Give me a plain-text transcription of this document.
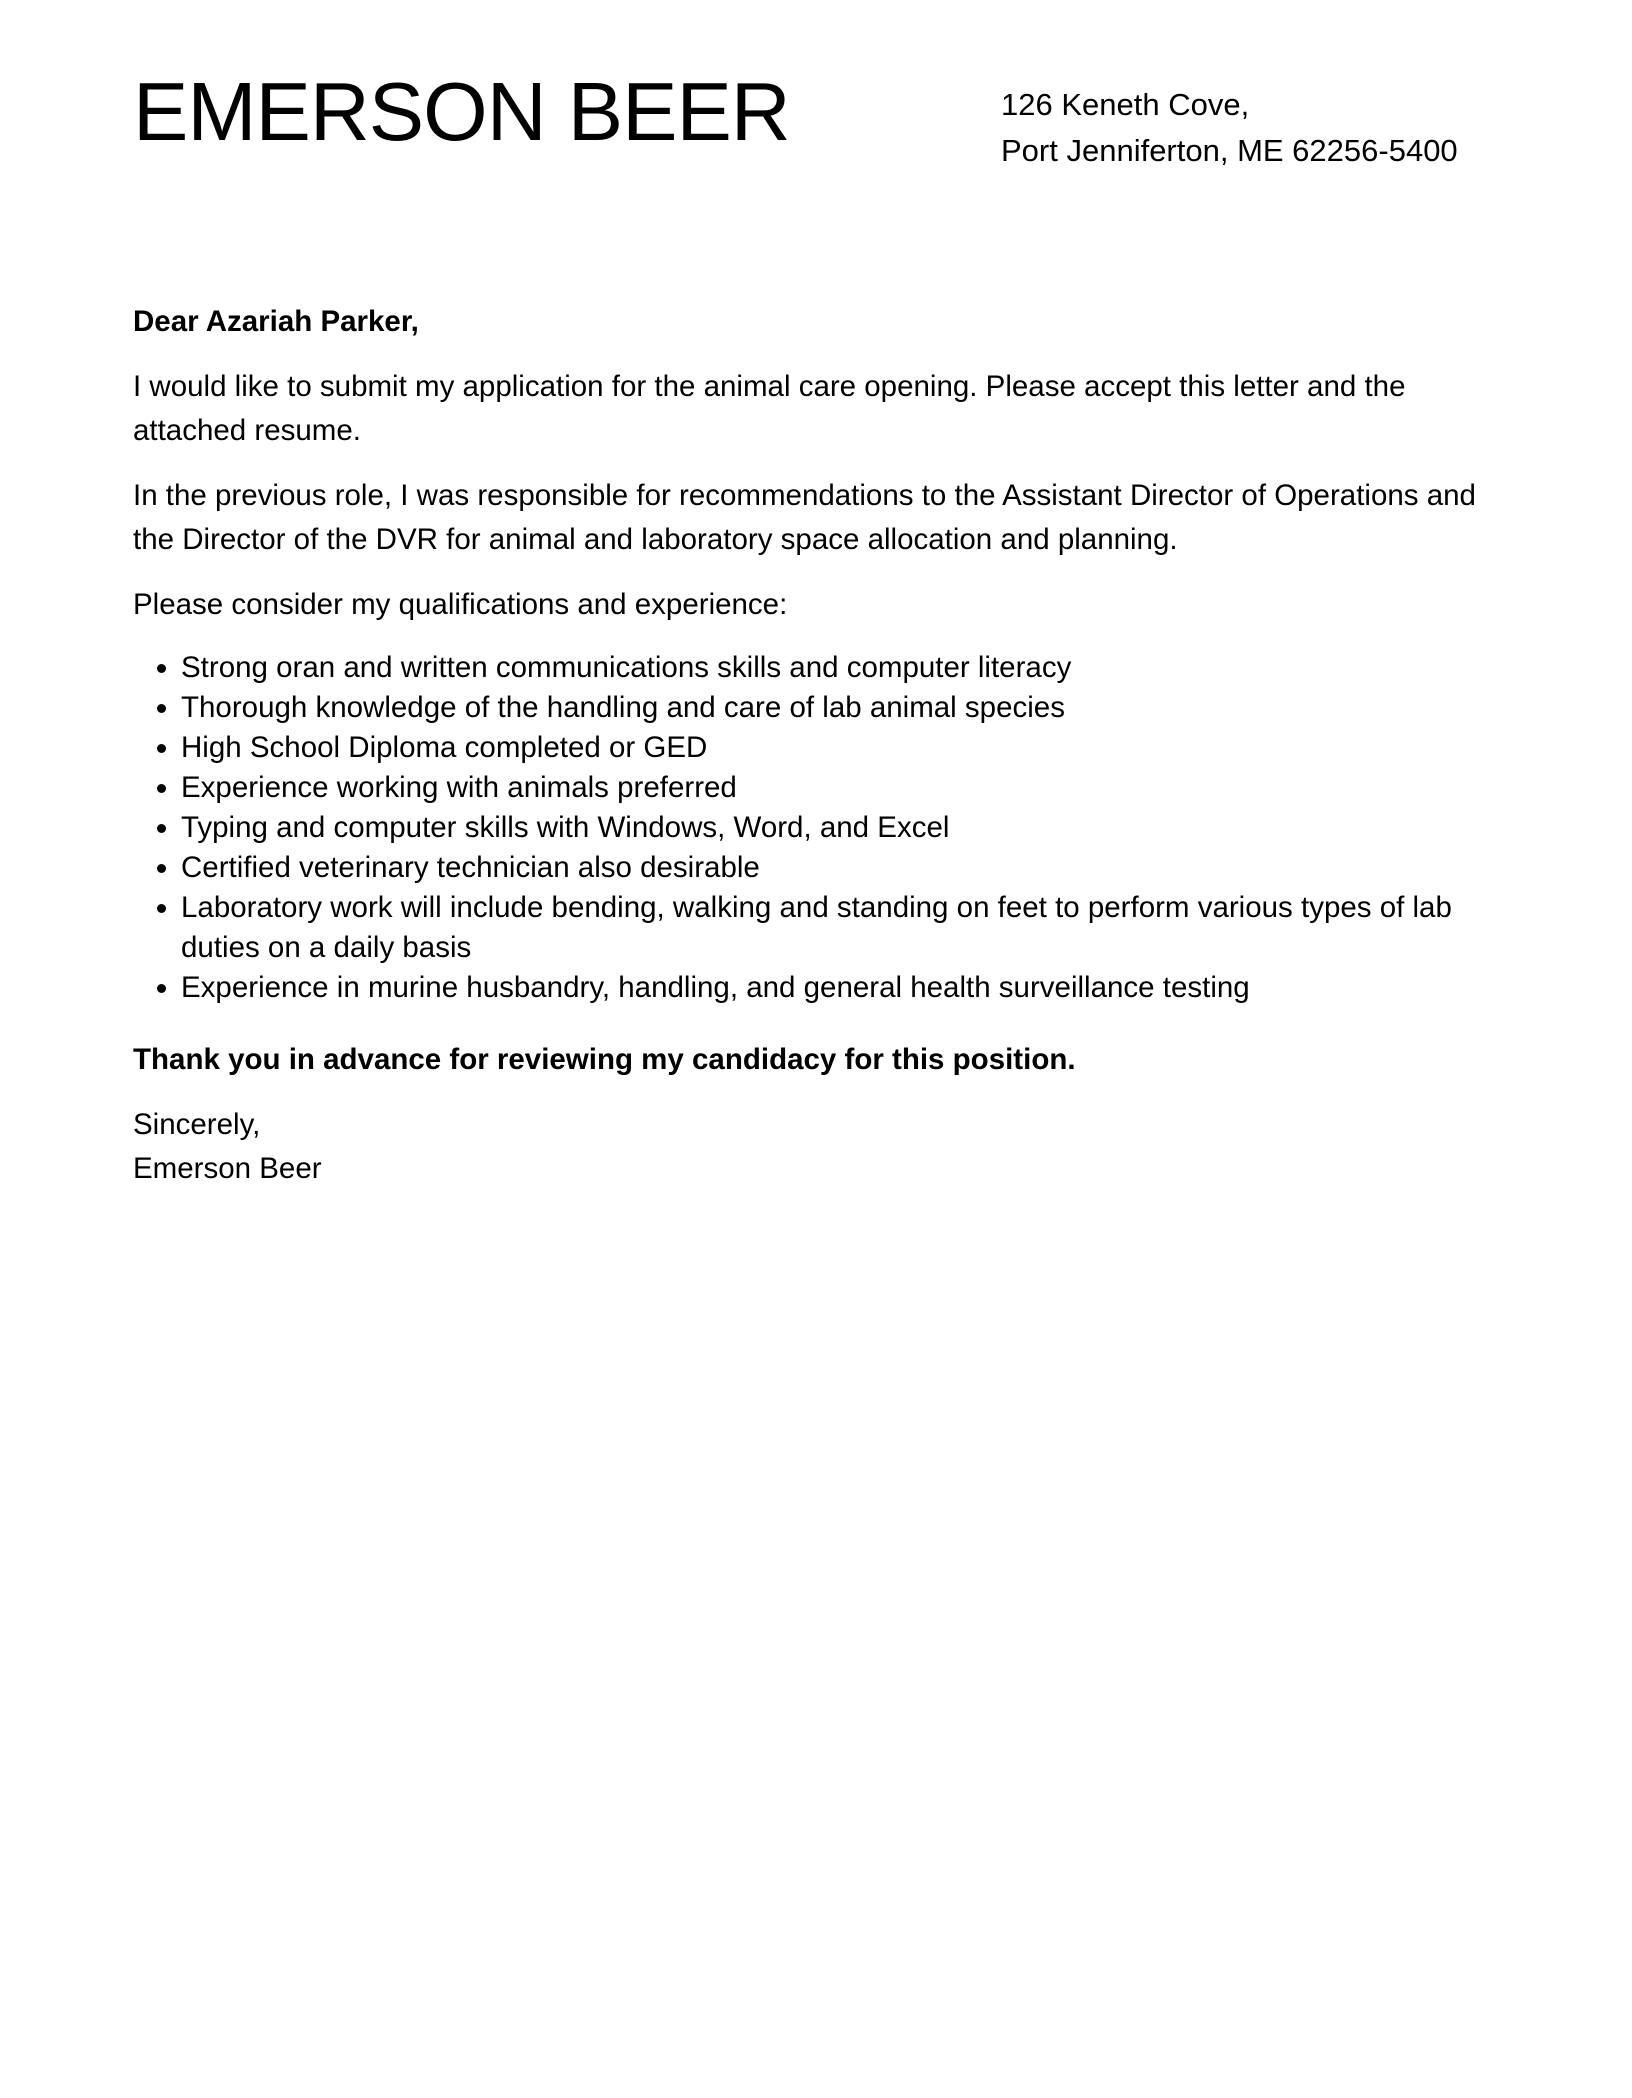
EMERSON BEER	126 Keneth Cove,
Port Jenniferton, ME 62256-5400

Dear Azariah Parker,

I would like to submit my application for the animal care opening. Please accept this letter and the attached resume.

In the previous role, I was responsible for recommendations to the Assistant Director of Operations and the Director of the DVR for animal and laboratory space allocation and planning.

Please consider my qualifications and experience:

• Strong oran and written communications skills and computer literacy
• Thorough knowledge of the handling and care of lab animal species
• High School Diploma completed or GED
• Experience working with animals preferred
• Typing and computer skills with Windows, Word, and Excel
• Certified veterinary technician also desirable
• Laboratory work will include bending, walking and standing on feet to perform various types of lab duties on a daily basis
• Experience in murine husbandry, handling, and general health surveillance testing

Thank you in advance for reviewing my candidacy for this position.

Sincerely,

Emerson Beer
